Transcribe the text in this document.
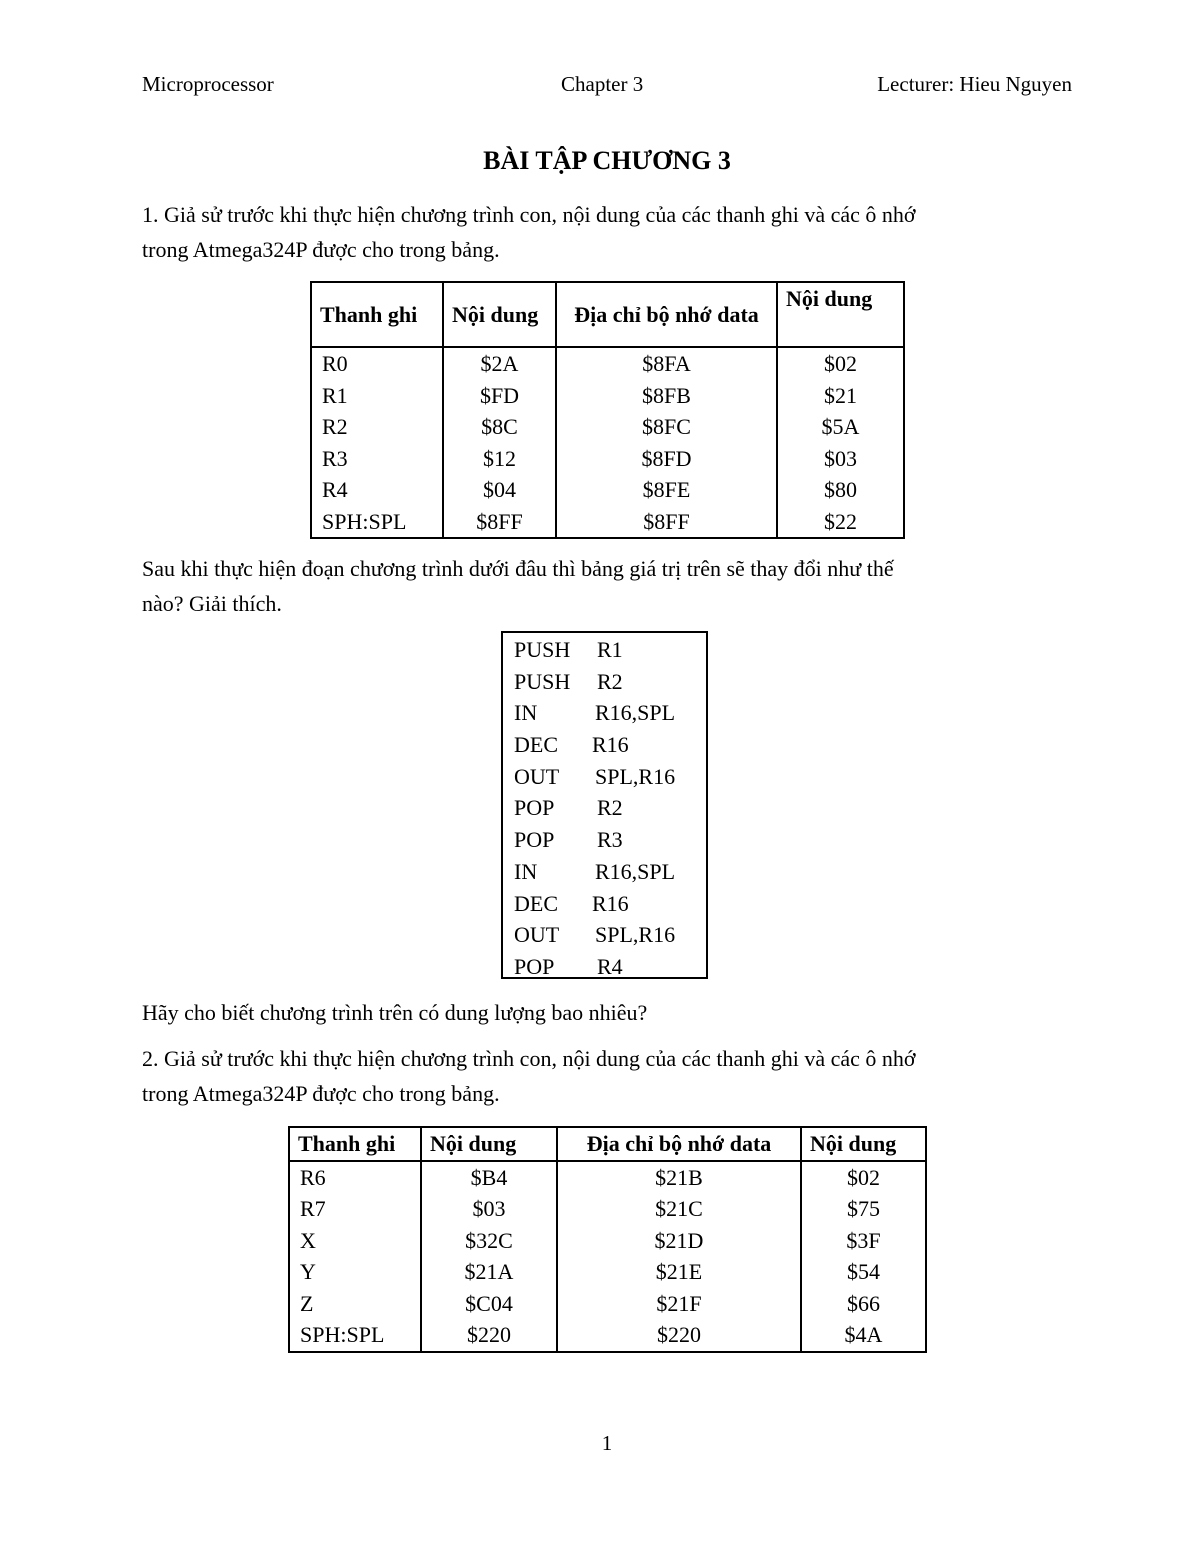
Microprocessor	Chapter 3	Lecturer: Hieu Nguyen
BÀI TẬP CHƯƠNG 3
1. Giả sử trước khi thực hiện chương trình con, nội dung của các thanh ghi và các ô nhớ
trong Atmega324P được cho trong bảng.
Thanh ghi	Nội dung	Địa chỉ bộ nhớ data	Nội dung
R0	$2A	$8FA	$02
R1	$FD	$8FB	$21
R2	$8C	$8FC	$5A
R3	$12	$8FD	$03
R4	$04	$8FE	$80
SPH:SPL	$8FF	$8FF	$22
Sau khi thực hiện đoạn chương trình dưới đâu thì bảng giá trị trên sẽ thay đổi như thế
nào? Giải thích.
PUSH R1
PUSH R2
IN	R16,SPL
DEC R16
OUT SPL,R16
POP R2
POP R3
IN	R16,SPL
DEC R16
OUT SPL,R16
POP R4
Hãy cho biết chương trình trên có dung lượng bao nhiêu?
2. Giả sử trước khi thực hiện chương trình con, nội dung của các thanh ghi và các ô nhớ
trong Atmega324P được cho trong bảng.
Thanh ghi	Nội dung	Địa chỉ bộ nhớ data	Nội dung
R6	$B4	$21B	$02
R7	$03	$21C	$75
X	$32C	$21D	$3F
Y	$21A	$21E	$54
Z	$C04	$21F	$66
SPH:SPL	$220	$220	$4A
1
